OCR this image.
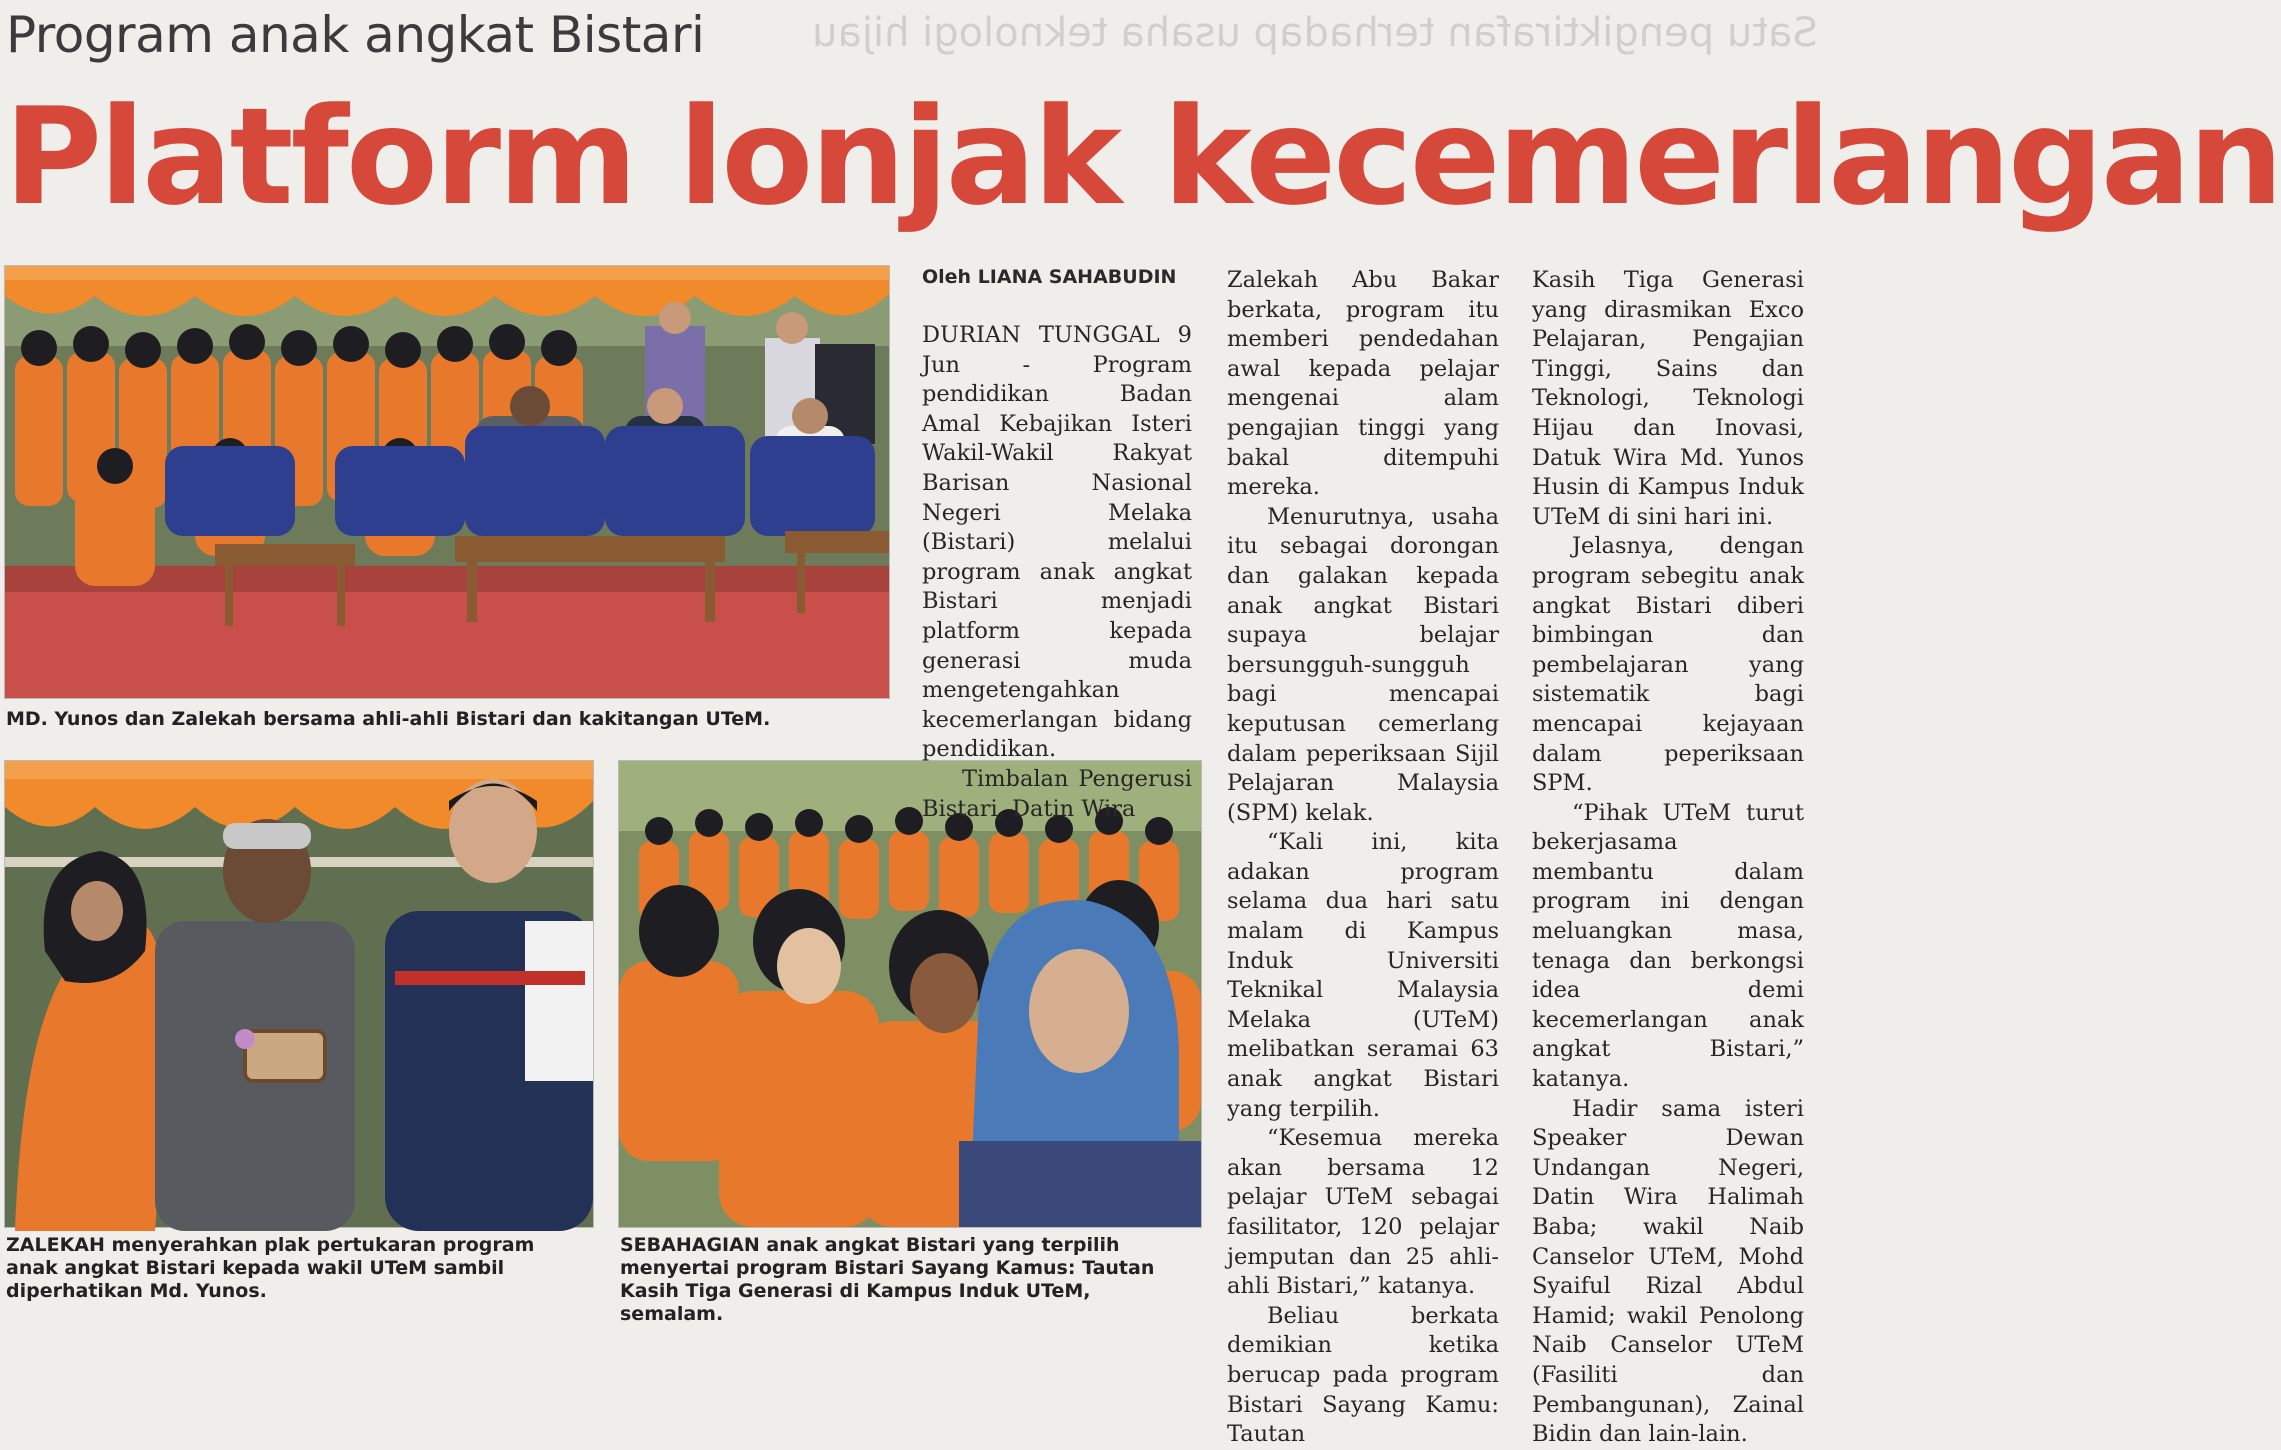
Satu pengiktirafan terhadap usaha teknologi hijau
Program anak angkat Bistari
Platform lonjak kecemerlangan
MD. Yunos dan Zalekah bersama ahli-ahli Bistari dan kakitangan UTeM.
ZALEKAH menyerahkan plak pertukaran program anak angkat Bistari kepada wakil UTeM sambil diperhatikan Md. Yunos.
SEBAHAGIAN anak angkat Bistari yang terpilih menyertai program Bistari Sayang Kamus: Tautan Kasih Tiga Generasi di Kampus Induk UTeM, semalam.
Oleh LIANA SAHABUDIN

DURIAN TUNGGAL 9 Jun - Program pendidikan Badan Amal Kebajikan Isteri Wakil-Wakil Rakyat Barisan Nasional Negeri Melaka (Bistari) melalui program anak angkat Bistari menjadi platform kepada generasi muda mengetengahkan kecemerlangan bidang pendidikan.

Timbalan Pengerusi Bistari, Datin Wira

Zalekah Abu Bakar berkata, program itu memberi pendedahan awal kepada pelajar mengenai alam pengajian tinggi yang bakal ditempuhi mereka.

Menurutnya, usaha itu sebagai dorongan dan galakan kepada anak angkat Bistari supaya belajar bersungguh-sungguh bagi mencapai keputusan cemerlang dalam peperiksaan Sijil Pelajaran Malaysia (SPM) kelak.

“Kali ini, kita adakan program selama dua hari satu malam di Kampus Induk Universiti Teknikal Malaysia Melaka (UTeM) melibatkan seramai 63 anak angkat Bistari yang terpilih.

“Kesemua mereka akan bersama 12 pelajar UTeM sebagai fasilitator, 120 pelajar jemputan dan 25 ahli-ahli Bistari,” katanya.

Beliau berkata demikian ketika berucap pada program Bistari Sayang Kamu: Tautan

Kasih Tiga Generasi yang dirasmikan Exco Pelajaran, Pengajian Tinggi, Sains dan Teknologi, Teknologi Hijau dan Inovasi, Datuk Wira Md. Yunos Husin di Kampus Induk UTeM di sini hari ini.

Jelasnya, dengan program sebegitu anak angkat Bistari diberi bimbingan dan pembelajaran yang sistematik bagi mencapai kejayaan dalam peperiksaan SPM.

“Pihak UTeM turut bekerjasama membantu dalam program ini dengan meluangkan masa, tenaga dan berkongsi idea demi kecemerlangan anak angkat Bistari,” katanya.

Hadir sama isteri Speaker Dewan Undangan Negeri, Datin Wira Halimah Baba; wakil Naib Canselor UTeM, Mohd Syaiful Rizal Abdul Hamid; wakil Penolong Naib Canselor UTeM (Fasiliti dan Pembangunan), Zainal Bidin dan lain-lain.
